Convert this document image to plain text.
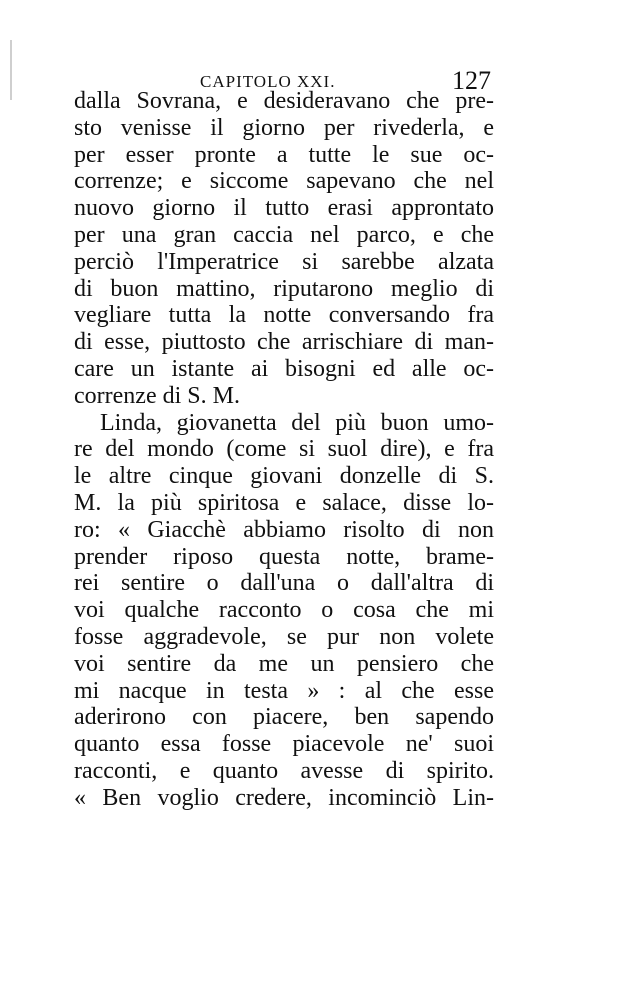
CAPITOLO XXI.	127
dalla Sovrana, e desideravano che pre-
sto venisse il giorno per rivederla, e
per esser pronte a tutte le sue oc-
correnze; e siccome sapevano che nel
nuovo giorno il tutto erasi approntato
per una gran caccia nel parco, e che
perciò l'Imperatrice si sarebbe alzata
di buon mattino, riputarono meglio di
vegliare tutta la notte conversando fra
di esse, piuttosto che arrischiare di man-
care un istante ai bisogni ed alle oc-
correnze di S. M.
Linda, giovanetta del più buon umo-
re del mondo (come si suol dire), e fra
le altre cinque giovani donzelle di S.
M. la più spiritosa e salace, disse lo-
ro: « Giacchè abbiamo risolto di non
prender riposo questa notte, brame-
rei sentire o dall'una o dall'altra di
voi qualche racconto o cosa che mi
fosse aggradevole, se pur non volete
voi sentire da me un pensiero che
mi nacque in testa » : al che esse
aderirono con piacere, ben sapendo
quanto essa fosse piacevole ne' suoi
racconti, e quanto avesse di spirito.
« Ben voglio credere, incominciò Lin-
